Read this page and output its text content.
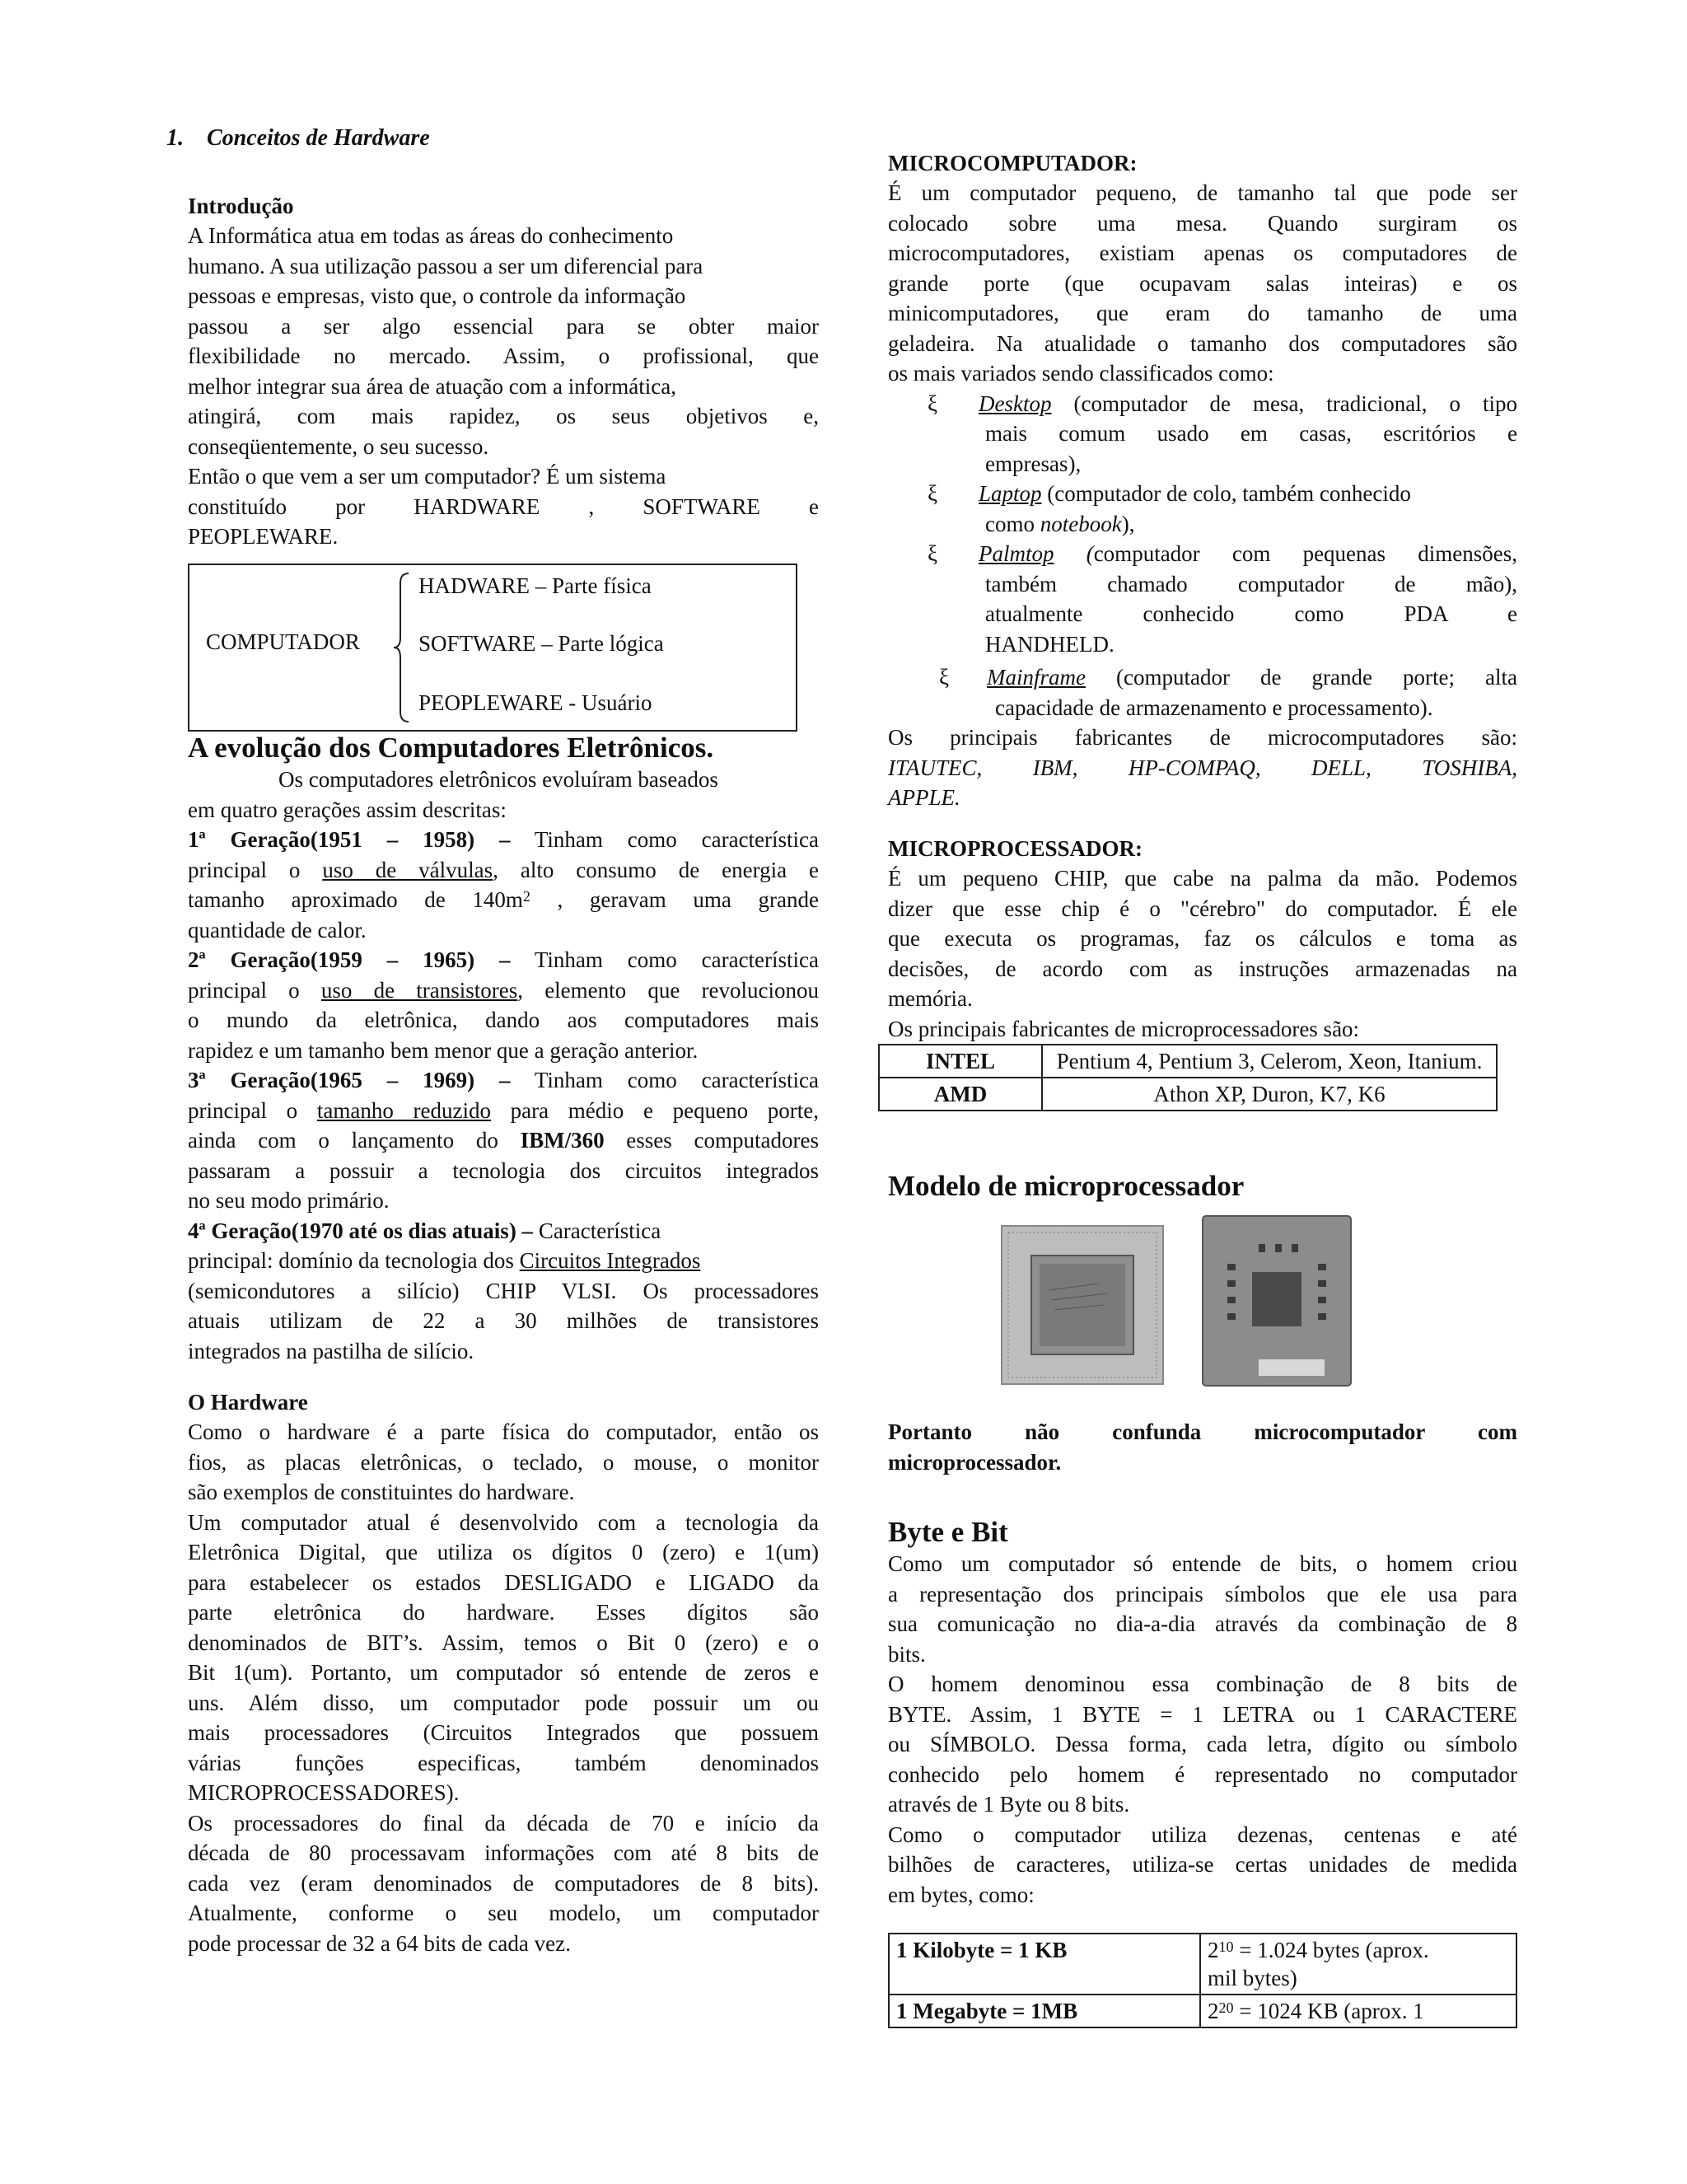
1. Conceitos de Hardware
Introdução

A Informática atua em todas as áreas do conhecimento

humano. A sua utilização passou a ser um diferencial para

pessoas e empresas, visto que, o controle da informação

passou a ser algo essencial para se obter maior

flexibilidade no mercado. Assim, o profissional, que

melhor integrar sua área de atuação com a informática,

atingirá, com mais rapidez, os seus objetivos e,

conseqüentemente, o seu sucesso.

Então o que vem a ser um computador? É um sistema

constituído por HARDWARE , SOFTWARE e

PEOPLEWARE.

COMPUTADOR
HADWARE – Parte física
SOFTWARE – Parte lógica
PEOPLEWARE - Usuário
A evolução dos Computadores Eletrônicos.

Os computadores eletrônicos evoluíram baseados

em quatro gerações assim descritas:

1ª Geração(1951 – 1958) – Tinham como característica

principal o uso de válvulas, alto consumo de energia e

tamanho aproximado de $140m^2$ , geravam uma grande

quantidade de calor.

2ª Geração(1959 – 1965) – Tinham como característica

principal o uso de transistores, elemento que revolucionou

o mundo da eletrônica, dando aos computadores mais

rapidez e um tamanho bem menor que a geração anterior.

3ª Geração(1965 – 1969) – Tinham como característica

principal o tamanho reduzido para médio e pequeno porte,

ainda com o lançamento do IBM/360 esses computadores

passaram a possuir a tecnologia dos circuitos integrados

no seu modo primário.

4ª Geração(1970 até os dias atuais) – Característica

principal: domínio da tecnologia dos Circuitos Integrados

(semicondutores a silício) CHIP VLSI. Os processadores

atuais utilizam de 22 a 30 milhões de transistores

integrados na pastilha de silício.

O Hardware

Como o hardware é a parte física do computador, então os

fios, as placas eletrônicas, o teclado, o mouse, o monitor

são exemplos de constituintes do hardware.

Um computador atual é desenvolvido com a tecnologia da

Eletrônica Digital, que utiliza os dígitos 0 (zero) e 1(um)

para estabelecer os estados DESLIGADO e LIGADO da

parte eletrônica do hardware. Esses dígitos são

denominados de BIT’s. Assim, temos o Bit 0 (zero) e o

Bit 1(um). Portanto, um computador só entende de zeros e

uns. Além disso, um computador pode possuir um ou

mais processadores (Circuitos Integrados que possuem

várias funções especificas, também denominados

MICROPROCESSADORES).

Os processadores do final da década de 70 e início da

década de 80 processavam informações com até 8 bits de

cada vez (eram denominados de computadores de 8 bits).

Atualmente, conforme o seu modelo, um computador

pode processar de 32 a 64 bits de cada vez.

MICROCOMPUTADOR:

É um computador pequeno, de tamanho tal que pode ser

colocado sobre uma mesa. Quando surgiram os

microcomputadores, existiam apenas os computadores de

grande porte (que ocupavam salas inteiras) e os

minicomputadores, que eram do tamanho de uma

geladeira. Na atualidade o tamanho dos computadores são

os mais variados sendo classificados como:

ξ Desktop (computador de mesa, tradicional, o tipo
mais comum usado em casas, escritórios e
empresas),
ξ Laptop (computador de colo, também conhecido
como notebook),
ξ Palmtop (computador com pequenas dimensões,
também chamado computador de mão),
atualmente conhecido como PDA e
HANDHELD.
ξ Mainframe (computador de grande porte; alta
capacidade de armazenamento e processamento).

Os principais fabricantes de microcomputadores são:

ITAUTEC, IBM, HP-COMPAQ, DELL, TOSHIBA,

APPLE.

MICROPROCESSADOR:

É um pequeno CHIP, que cabe na palma da mão. Podemos

dizer que esse chip é o "cérebro" do computador. É ele

que executa os programas, faz os cálculos e toma as

decisões, de acordo com as instruções armazenadas na

memória.

Os principais fabricantes de microprocessadores são:

INTEL	Pentium 4, Pentium 3, Celerom, Xeon, Itanium.
AMD	Athon XP, Duron, K7, K6
Modelo de microprocessador

Portanto não confunda microcomputador com

microprocessador.

Byte e Bit

Como um computador só entende de bits, o homem criou

a representação dos principais símbolos que ele usa para

sua comunicação no dia-a-dia através da combinação de 8

bits.

O homem denominou essa combinação de 8 bits de

BYTE. Assim, 1 BYTE = 1 LETRA ou 1 CARACTERE

ou SÍMBOLO. Dessa forma, cada letra, dígito ou símbolo

conhecido pelo homem é representado no computador

através de 1 Byte ou 8 bits.

Como o computador utiliza dezenas, centenas e até

bilhões de caracteres, utiliza-se certas unidades de medida

em bytes, como:

1 Kilobyte = 1 KB	$2^{10} = 1.024$ bytes (aprox.
mil bytes)
1 Megabyte = 1MB	$2^{20} = 1024$ KB (aprox. 1
